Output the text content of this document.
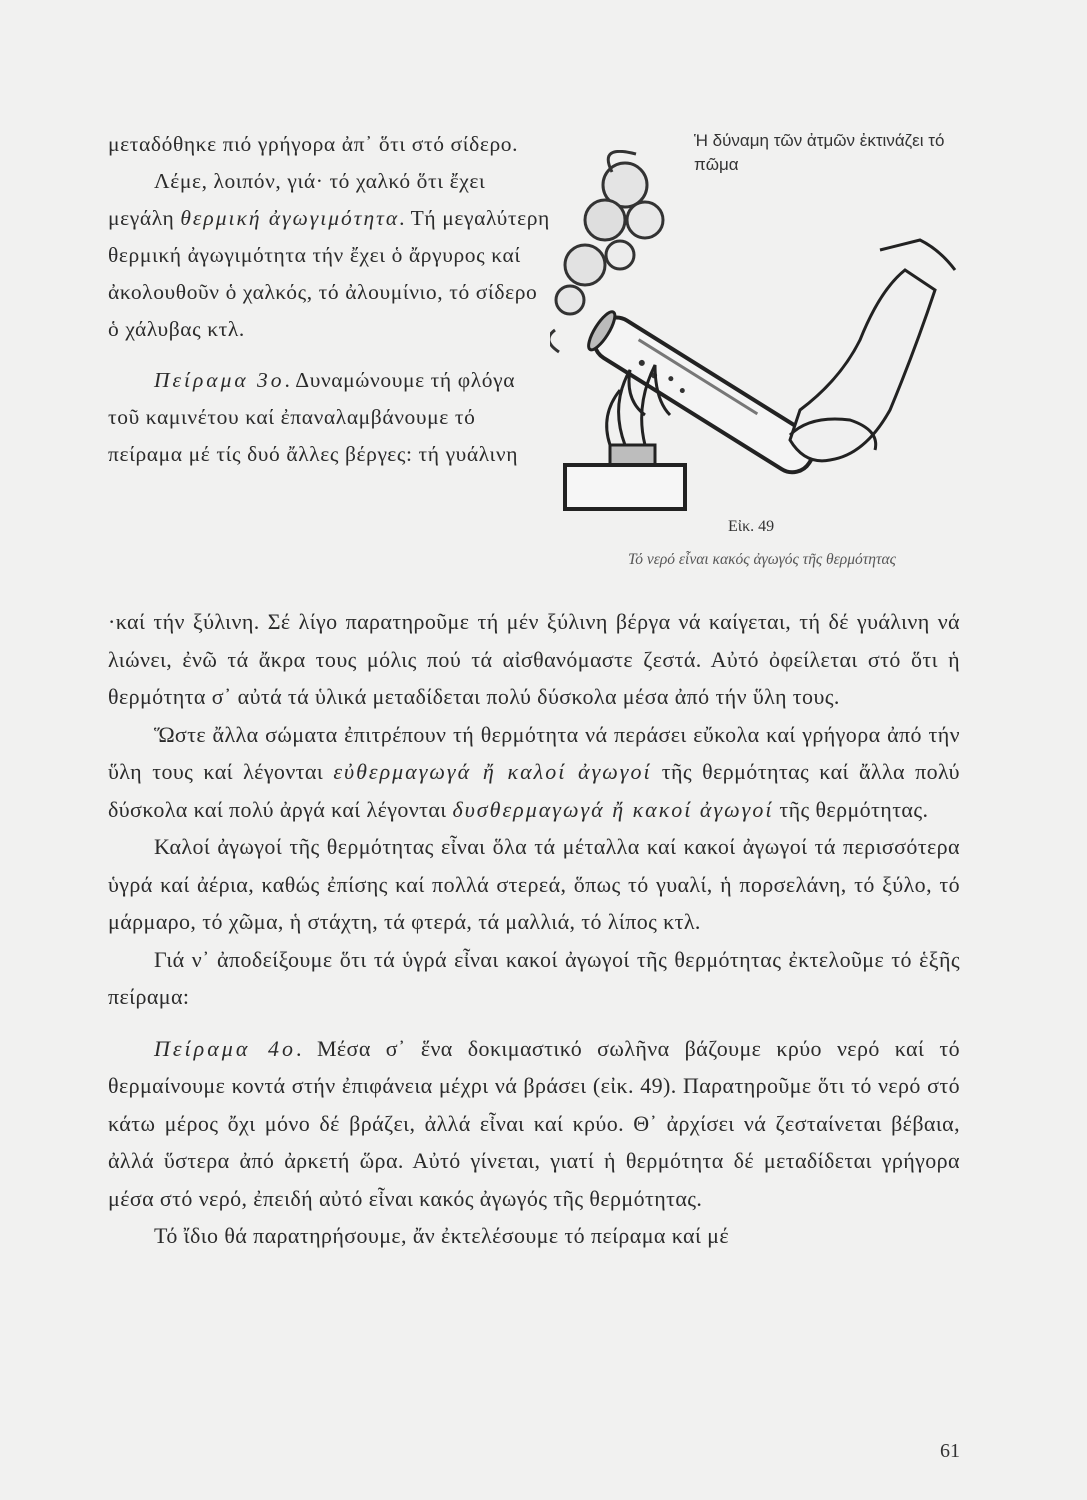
μεταδόθηκε πιό γρήγορα ἀπ᾽ ὅτι στό σίδερο.

Λέμε, λοιπόν, γιά· τό χαλκό ὅτι ἔχει μεγάλη θερμική ἀγωγιμότητα. Τή μεγαλύτερη θερμική ἀγωγιμότητα τήν ἔχει ὁ ἄργυρος καί ἀκολουθοῦν ὁ χαλκός, τό ἀλουμίνιο, τό σίδερο ὁ χάλυβας κτλ.

Πείραμα 3ο. Δυναμώνουμε τή φλόγα τοῦ καμινέτου καί ἐπαναλαμβάνουμε τό πείραμα μέ τίς δυό ἄλλες βέργες: τή γυάλινη

Ἡ δύναμη τῶν ἀτμῶν ἐκτινάζει τό πῶμα
Εἰκ. 49
Τό νερό εἶναι κακός ἀγωγός τῆς θερμότητας

·καί τήν ξύλινη. Σέ λίγο παρατηροῦμε τή μέν ξύλινη βέργα νά καίγεται, τή δέ γυάλινη νά λιώνει, ἐνῶ τά ἄκρα τους μόλις πού τά αἰσθανόμαστε ζεστά. Αὐτό ὀφείλεται στό ὅτι ἡ θερμότητα σ᾽ αὐτά τά ὑλικά μεταδίδεται πολύ δύσκολα μέσα ἀπό τήν ὕλη τους.

Ὥστε ἄλλα σώματα ἐπιτρέπουν τή θερμότητα νά περάσει εὔκολα καί γρήγορα ἀπό τήν ὕλη τους καί λέγονται εὐθερμαγωγά ἤ καλοί ἀγωγοί τῆς θερμότητας καί ἄλλα πολύ δύσκολα καί πολύ ἀργά καί λέγονται δυσθερμαγωγά ἤ κακοί ἀγωγοί τῆς θερμότητας.

Καλοί ἀγωγοί τῆς θερμότητας εἶναι ὅλα τά μέταλλα καί κακοί ἀγωγοί τά περισσότερα ὑγρά καί ἀέρια, καθώς ἐπίσης καί πολλά στερεά, ὅπως τό γυαλί, ἡ πορσελάνη, τό ξύλο, τό μάρμαρο, τό χῶμα, ἡ στάχτη, τά φτερά, τά μαλλιά, τό λίπος κτλ.

Γιά ν᾽ ἀποδείξουμε ὅτι τά ὑγρά εἶναι κακοί ἀγωγοί τῆς θερμότητας ἐκτελοῦμε τό ἑξῆς πείραμα:

Πείραμα 4ο. Μέσα σ᾽ ἕνα δοκιμαστικό σωλῆνα βάζουμε κρύο νερό καί τό θερμαίνουμε κοντά στήν ἐπιφάνεια μέχρι νά βράσει (εἰκ. 49). Παρατηροῦμε ὅτι τό νερό στό κάτω μέρος ὄχι μόνο δέ βράζει, ἀλλά εἶναι καί κρύο. Θ᾽ ἀρχίσει νά ζεσταίνεται βέβαια, ἀλλά ὕστερα ἀπό ἀρκετή ὥρα. Αὐτό γίνεται, γιατί ἡ θερμότητα δέ μεταδίδεται γρήγορα μέσα στό νερό, ἐπειδή αὐτό εἶναι κακός ἀγωγός τῆς θερμότητας.

Τό ἴδιο θά παρατηρήσουμε, ἄν ἐκτελέσουμε τό πείραμα καί μέ

61
